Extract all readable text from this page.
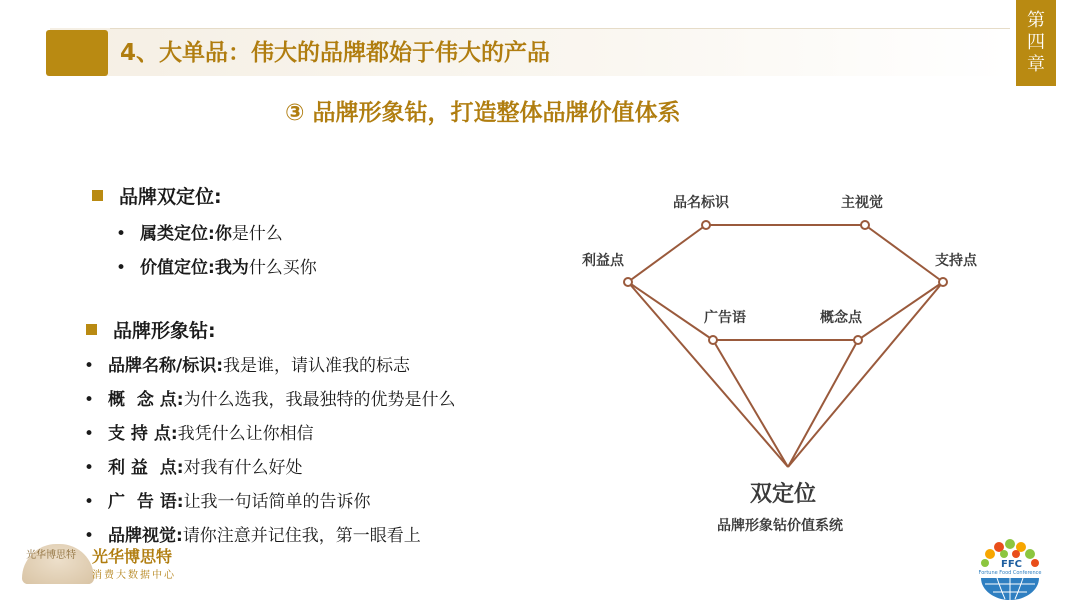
4、大单品：伟大的品牌都始于伟大的产品
第
四
章
③ 品牌形象钻，打造整体品牌价值体系
品牌双定位:
• 属类定位:你是什么
• 价值定位:我为什么买你
品牌形象钻:
• 品牌名称/标识:我是谁，请认准我的标志
• 概  念 点:为什么选我，我最独特的优势是什么
• 支 持 点:我凭什么让你相信
• 利 益  点:对我有什么好处
• 广  告 语:让我一句话简单的告诉你
• 品牌视觉:请你注意并记住我，第一眼看上
品名标识	主视觉
利益点	支持点
广告语	概念点
双定位
品牌形象钻价值系统
光华博思特 光华博思特
消费大数据中心
FFC
Fortune Food Conference
